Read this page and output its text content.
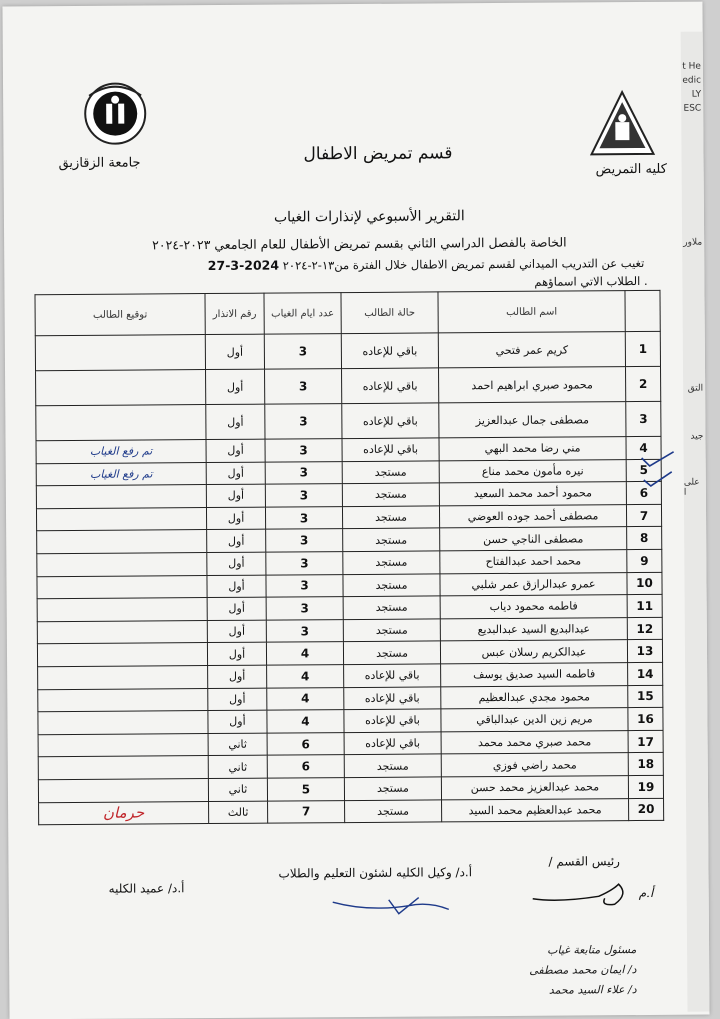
t He
edic
LY
ESC
ملاور
التق
جيد
على ا
جامعة الزقازيق	كليه التمريض
قسم تمريض الاطفال
التقرير الأسبوعي لإنذارات الغياب
الخاصة بالفصل الدراسي الثاني بقسم تمريض الأطفال للعام الجامعي ٢٠٢٣-٢٠٢٤
تغيب عن التدريب الميداني لقسم تمريض الاطفال خلال الفترة من١٣-٢-٢٠٢٤ 27-3-2024
. الطلاب الاتي اسماؤهم
	اسم الطالب	حالة الطالب	عدد ايام الغياب	رقم الانذار	توقيع الطالب
1	كريم عمر فتحي	باقي للإعاده	3	أول	
2	محمود صبري ابراهيم احمد	باقي للإعاده	3	أول	
3	مصطفى جمال عبدالعزيز	باقي للإعاده	3	أول	
4	مني رضا محمد البهي	باقي للإعاده	3	أول	تم رفع الغياب
5	نيره مأمون محمد مناع	مستجد	3	أول	تم رفع الغياب
6	محمود أحمد محمد السعيد	مستجد	3	أول	
7	مصطفى أحمد جوده العوضي	مستجد	3	أول	
8	مصطفى الناجي حسن	مستجد	3	أول	
9	محمد احمد عبدالفتاح	مستجد	3	أول	
10	عمرو عبدالرازق عمر شلبي	مستجد	3	أول	
11	فاطمه محمود دياب	مستجد	3	أول	
12	عبدالبديع السيد عبدالبديع	مستجد	3	أول	
13	عبدالكريم رسلان عبس	مستجد	4	أول	
14	فاطمه السيد صديق يوسف	باقي للإعاده	4	أول	
15	محمود مجدي عبدالعظيم	باقي للإعاده	4	أول	
16	مريم زين الدين عبدالباقي	باقي للإعاده	4	أول	
17	محمد صبري محمد محمد	باقي للإعاده	6	ثاني	
18	محمد راضي فوزي	مستجد	6	ثاني	
19	محمد عبدالعزيز محمد حسن	مستجد	5	ثاني	
20	محمد عبدالعظيم محمد السيد	مستجد	7	ثالث	حرمان
رئيس القسم /
أ.د/ وكيل الكليه لشئون التعليم والطلاب
أ.د/ عميد الكليه	أ.م
مسئول متابعة غياب
د/ ايمان محمد مصطفى
د/ علاء السيد محمد
